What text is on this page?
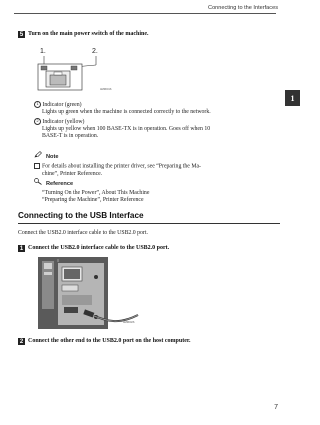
Connecting to the Interfaces
1
5 Turn on the main power switch of the machine.
1.	2.
AMR001S
1 Indicator (green)
Lights up green when the machine is connected correctly to the network.
2 Indicator (yellow)
Lights up yellow when 100 BASE-TX is in operation. Goes off when 10
BASE-T is in operation.
Note
For details about installing the printer driver, see “Preparing the Ma-
chine”, Printer Reference.
Reference
“Turning On the Power”, About This Machine
“Preparing the Machine”, Printer Reference
Connecting to the USB Interface
Connect the USB2.0 interface cable to the USB2.0 port.
1 Connect the USB2.0 interface cable to the USB2.0 port.
AMR002S
2 Connect the other end to the USB2.0 port on the host computer.
7
